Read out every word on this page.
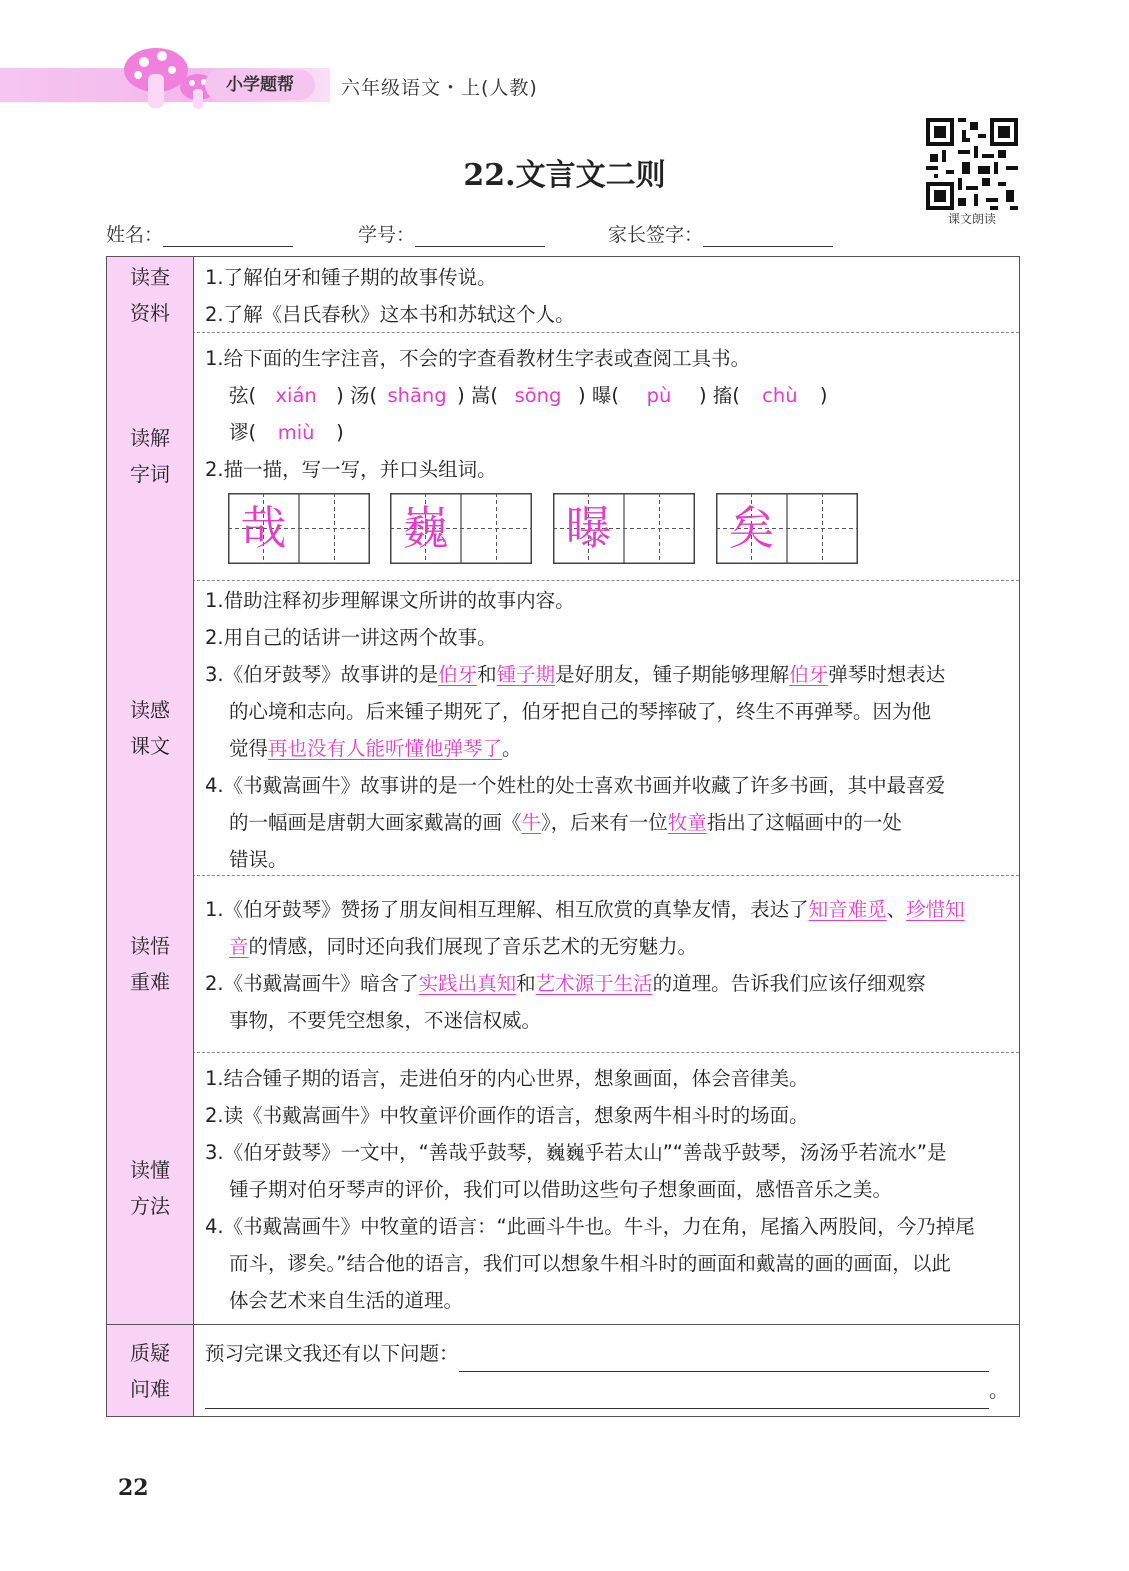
小学题帮	六年级语文・上(人教)
22.文言文二则
课文朗读
姓名：	学号：	家长签字：
读查
资料
1.了解伯牙和锺子期的故事传说。
2.了解《吕氏春秋》这本书和苏轼这个人。
读解
字词
1.给下面的生字注音，不会的字查看教材生字表或查阅工具书。
弦( xián ) 汤( shāng ) 嵩( sōng ) 曝( pù ) 搐( chù )
谬( miù )
2.描一描，写一写，并口头组词。
哉	巍	曝	矣
读感
课文
1.借助注释初步理解课文所讲的故事内容。
2.用自己的话讲一讲这两个故事。
3.《伯牙鼓琴》故事讲的是伯牙和锺子期是好朋友，锺子期能够理解伯牙弹琴时想表达
的心境和志向。后来锺子期死了，伯牙把自己的琴摔破了，终生不再弹琴。因为他
觉得再也没有人能听懂他弹琴了。
4.《书戴嵩画牛》故事讲的是一个姓杜的处士喜欢书画并收藏了许多书画，其中最喜爱
的一幅画是唐朝大画家戴嵩的画《牛》，后来有一位牧童指出了这幅画中的一处
错误。
读悟
重难
1.《伯牙鼓琴》赞扬了朋友间相互理解、相互欣赏的真挚友情，表达了知音难觅、珍惜知
音的情感，同时还向我们展现了音乐艺术的无穷魅力。
2.《书戴嵩画牛》暗含了实践出真知和艺术源于生活的道理。告诉我们应该仔细观察
事物，不要凭空想象，不迷信权威。
读懂
方法
1.结合锺子期的语言，走进伯牙的内心世界，想象画面，体会音律美。
2.读《书戴嵩画牛》中牧童评价画作的语言，想象两牛相斗时的场面。
3.《伯牙鼓琴》一文中，“善哉乎鼓琴，巍巍乎若太山”“善哉乎鼓琴，汤汤乎若流水”是
锺子期对伯牙琴声的评价，我们可以借助这些句子想象画面，感悟音乐之美。
4.《书戴嵩画牛》中牧童的语言：“此画斗牛也。牛斗，力在角，尾搐入两股间，今乃掉尾
而斗，谬矣。”结合他的语言，我们可以想象牛相斗时的画面和戴嵩的画的画面，以此
体会艺术来自生活的道理。
质疑
问难
预习完课文我还有以下问题：
。
22
